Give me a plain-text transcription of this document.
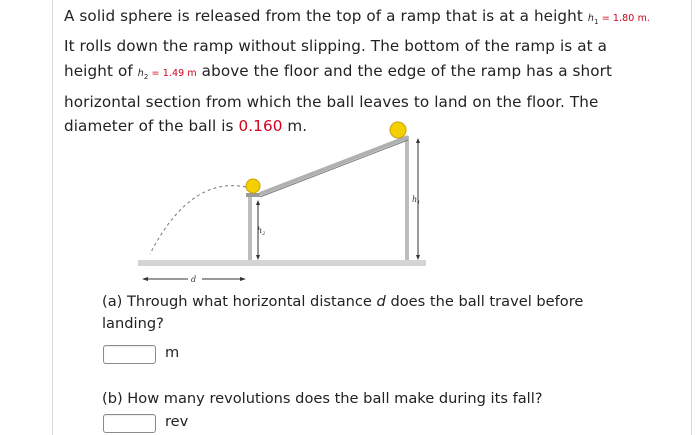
A solid sphere is released from the top of a ramp that is at a height $h_1 = 1.80$ m.
It rolls down the ramp without slipping. The bottom of the ramp is at a
height of $h_2 = 1.49$ m above the floor and the edge of the ramp has a short
horizontal section from which the ball leaves to land on the floor. The
diameter of the ball is 0.160 m.
$h_1$
$h_2$
d
(a) Through what horizontal distance d does the ball travel before
landing?
m
(b) How many revolutions does the ball make during its fall?
rev
